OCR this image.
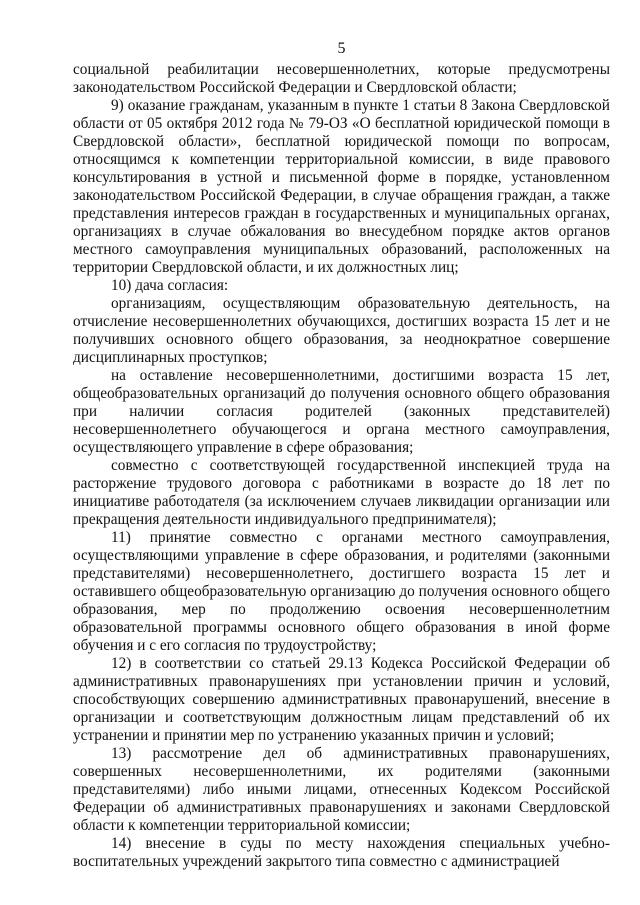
5

социальной реабилитации несовершеннолетних, которые предусмотрены законодательством Российской Федерации и Свердловской области;

9) оказание гражданам, указанным в пункте 1 статьи 8 Закона Свердловской области от 05 октября 2012 года № 79-ОЗ «О бесплатной юридической помощи в Свердловской области», бесплатной юридической помощи по вопросам, относящимся к компетенции территориальной комиссии, в виде правового консультирования в устной и письменной форме в порядке, установленном законодательством Российской Федерации, в случае обращения граждан, а также представления интересов граждан в государственных и муниципальных органах, организациях в случае обжалования во внесудебном порядке актов органов местного самоуправления муниципальных образований, расположенных на территории Свердловской области, и их должностных лиц;

10) дача согласия:

организациям, осуществляющим образовательную деятельность, на отчисление несовершеннолетних обучающихся, достигших возраста 15 лет и не получивших основного общего образования, за неоднократное совершение дисциплинарных проступков;

на оставление несовершеннолетними, достигшими возраста 15 лет, общеобразовательных организаций до получения основного общего образования при наличии согласия родителей (законных представителей) несовершеннолетнего обучающегося и органа местного самоуправления, осуществляющего управление в сфере образования;

совместно с соответствующей государственной инспекцией труда на расторжение трудового договора с работниками в возрасте до 18 лет по инициативе работодателя (за исключением случаев ликвидации организации или прекращения деятельности индивидуального предпринимателя);

11) принятие совместно с органами местного самоуправления, осуществляющими управление в сфере образования, и родителями (законными представителями) несовершеннолетнего, достигшего возраста 15 лет и оставившего общеобразовательную организацию до получения основного общего образования, мер по продолжению освоения несовершеннолетним образовательной программы основного общего образования в иной форме обучения и с его согласия по трудоустройству;

12) в соответствии со статьей 29.13 Кодекса Российской Федерации об административных правонарушениях при установлении причин и условий, способствующих совершению административных правонарушений, внесение в организации и соответствующим должностным лицам представлений об их устранении и принятии мер по устранению указанных причин и условий;

13) рассмотрение дел об административных правонарушениях, совершенных несовершеннолетними, их родителями (законными представителями) либо иными лицами, отнесенных Кодексом Российской Федерации об административных правонарушениях и законами Свердловской области к компетенции территориальной комиссии;

14) внесение в суды по месту нахождения специальных учебно-воспитательных учреждений закрытого типа совместно с администрацией
